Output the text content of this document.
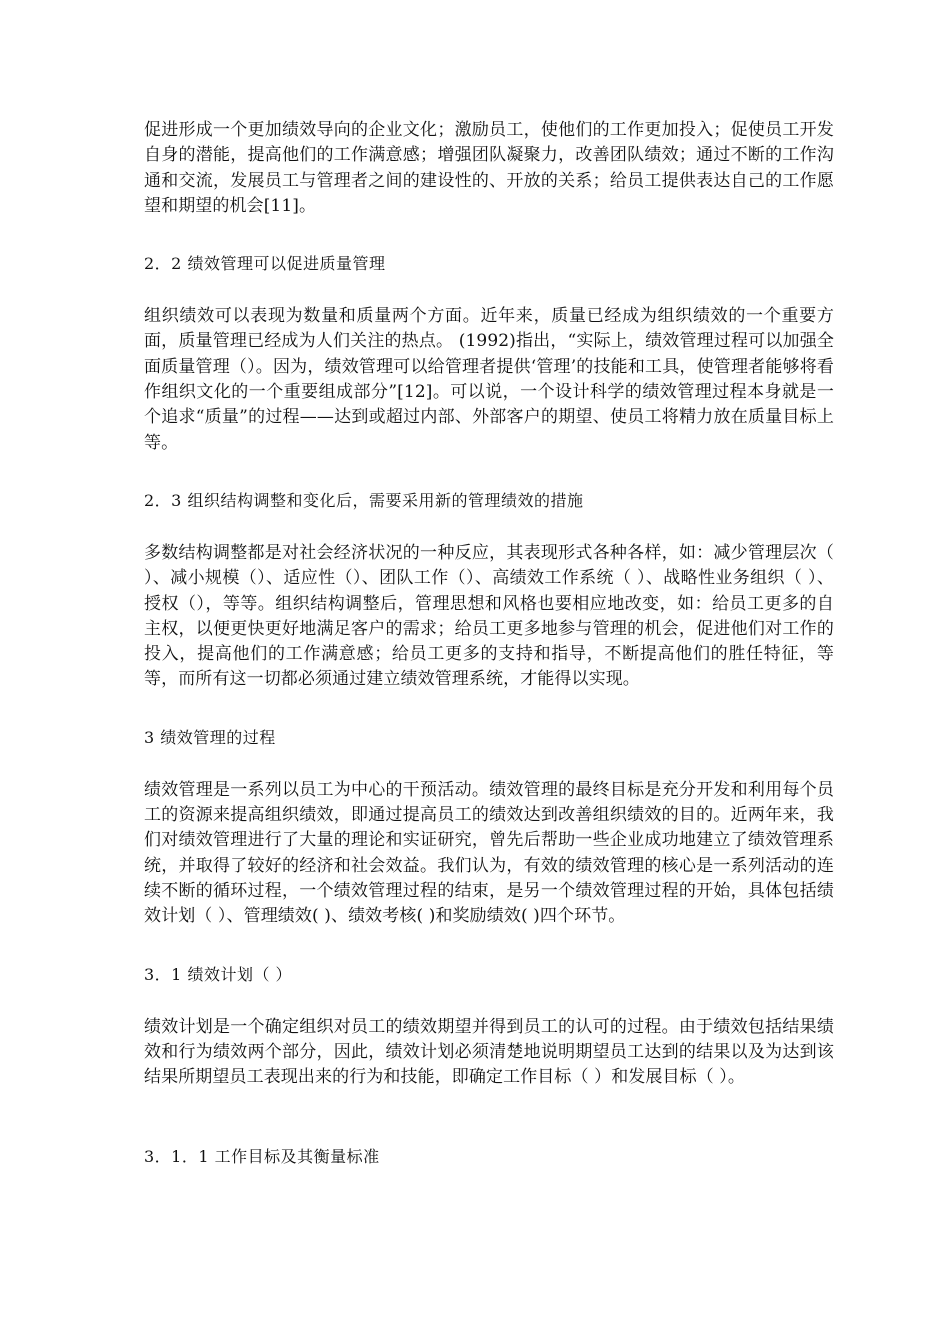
促进形成一个更加绩效导向的企业文化；激励员工，使他们的工作更加投入；促使员工开发自身的潜能，提高他们的工作满意感；增强团队凝聚力，改善团队绩效；通过不断的工作沟通和交流，发展员工与管理者之间的建设性的、开放的关系；给员工提供表达自己的工作愿望和期望的机会[11]。

2．2 绩效管理可以促进质量管理

组织绩效可以表现为数量和质量两个方面。近年来，质量已经成为组织绩效的一个重要方面，质量管理已经成为人们关注的热点。 (1992)指出，“实际上，绩效管理过程可以加强全面质量管理（）。因为，绩效管理可以给管理者提供‘管理’的技能和工具，使管理者能够将看作组织文化的一个重要组成部分”[12]。可以说，一个设计科学的绩效管理过程本身就是一个追求“质量”的过程——达到或超过内部、外部客户的期望、使员工将精力放在质量目标上等。

2．3 组织结构调整和变化后，需要采用新的管理绩效的措施

多数结构调整都是对社会经济状况的一种反应，其表现形式各种各样，如：减少管理层次（ ）、减小规模（）、适应性（）、团队工作（）、高绩效工作系统（ ）、战略性业务组织（ ）、授权（），等等。组织结构调整后，管理思想和风格也要相应地改变，如：给员工更多的自主权，以便更快更好地满足客户的需求；给员工更多地参与管理的机会，促进他们对工作的投入，提高他们的工作满意感；给员工更多的支持和指导，不断提高他们的胜任特征，等等，而所有这一切都必须通过建立绩效管理系统，才能得以实现。

3 绩效管理的过程

绩效管理是一系列以员工为中心的干预活动。绩效管理的最终目标是充分开发和利用每个员工的资源来提高组织绩效，即通过提高员工的绩效达到改善组织绩效的目的。近两年来，我们对绩效管理进行了大量的理论和实证研究，曾先后帮助一些企业成功地建立了绩效管理系统，并取得了较好的经济和社会效益。我们认为，有效的绩效管理的核心是一系列活动的连续不断的循环过程，一个绩效管理过程的结束，是另一个绩效管理过程的开始，具体包括绩效计划（ ）、管理绩效( )、绩效考核( )和奖励绩效( )四个环节。

3．1 绩效计划（ ）

绩效计划是一个确定组织对员工的绩效期望并得到员工的认可的过程。由于绩效包括结果绩效和行为绩效两个部分，因此，绩效计划必须清楚地说明期望员工达到的结果以及为达到该结果所期望员工表现出来的行为和技能，即确定工作目标（ ）和发展目标（ ）。

3．1．1 工作目标及其衡量标准
